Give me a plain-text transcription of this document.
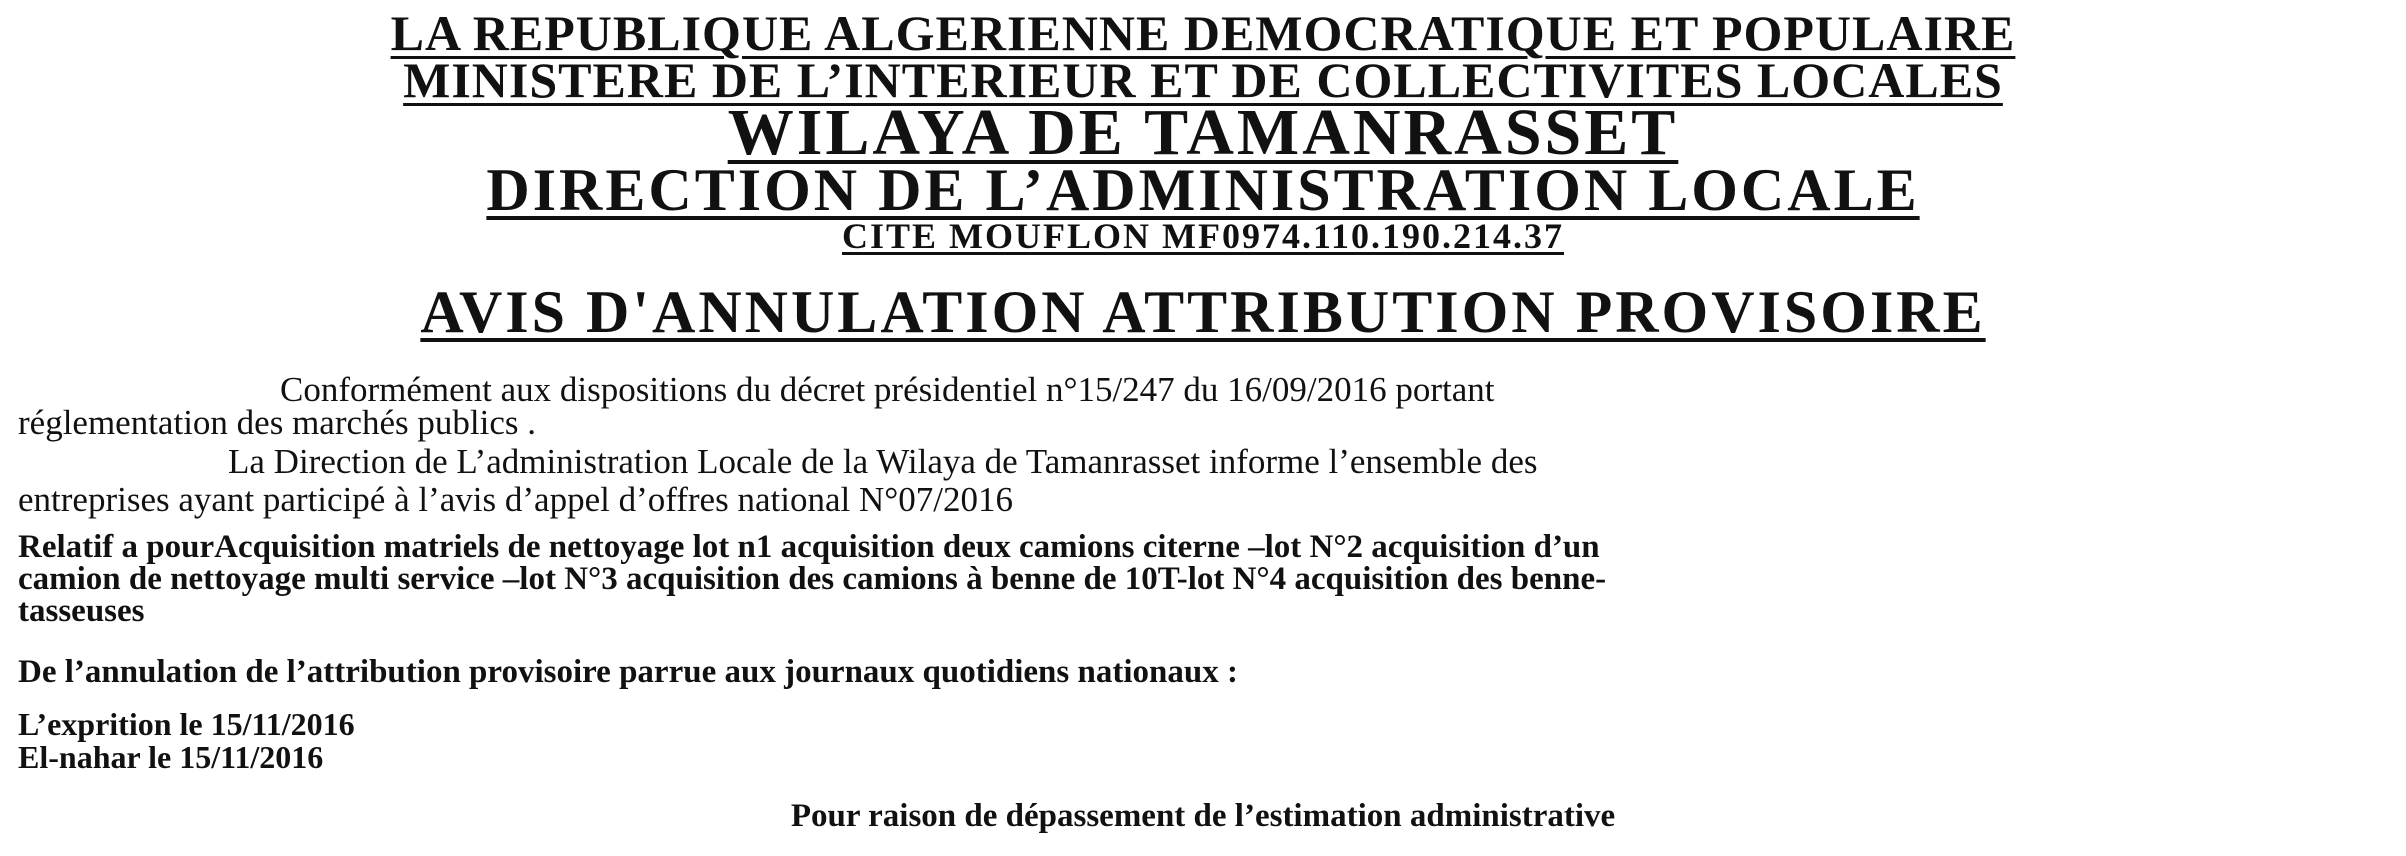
LA REPUBLIQUE ALGERIENNE DEMOCRATIQUE ET POPULAIRE
MINISTERE DE L’INTERIEUR ET DE COLLECTIVITES LOCALES
WILAYA DE TAMANRASSET
DIRECTION DE L’ADMINISTRATION LOCALE
CITE MOUFLON MF0974.110.190.214.37
AVIS D'ANNULATION ATTRIBUTION PROVISOIRE
Conformément aux dispositions du décret présidentiel n°15/247 du 16/09/2016 portant
réglementation des marchés publics .
La Direction de L’administration Locale de la Wilaya de Tamanrasset informe l’ensemble des
entreprises ayant participé à l’avis d’appel d’offres national N°07/2016
Relatif a pourAcquisition matriels de nettoyage lot n1 acquisition deux camions citerne –lot N°2 acquisition d’un
camion de nettoyage multi service –lot N°3 acquisition des camions à benne de 10T-lot N°4 acquisition des benne-
tasseuses
De l’annulation de l’attribution provisoire parrue aux journaux quotidiens nationaux :
L’exprition le 15/11/2016
El-nahar le 15/11/2016
Pour raison de dépassement de l’estimation administrative
